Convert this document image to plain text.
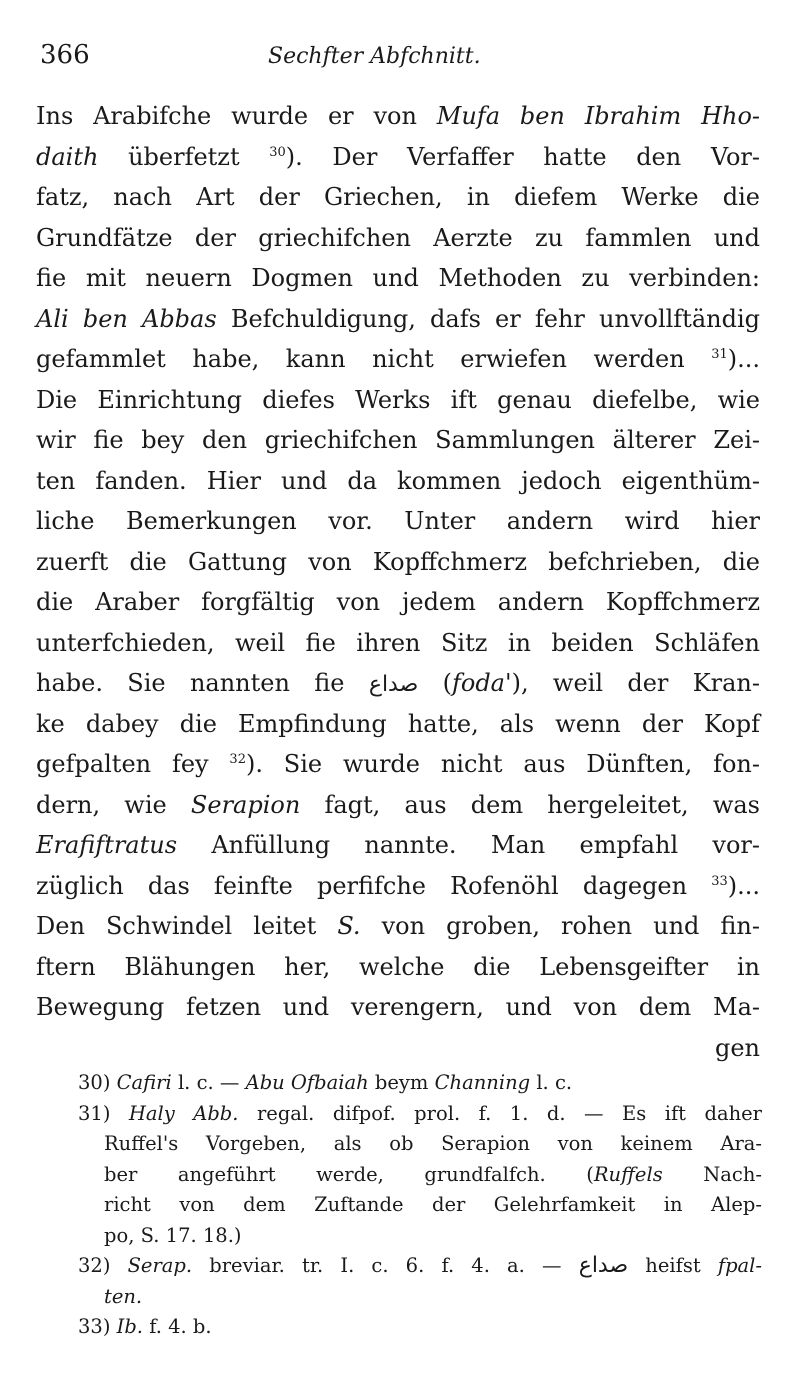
366	Sechfter Abfchnitt.
Ins Arabifche wurde er von Mufa ben Ibrahim Hho-
daith überfetzt $^{30}$). Der Verfaffer hatte den Vor-
fatz, nach Art der Griechen, in diefem Werke die
Grundfätze der griechifchen Aerzte zu fammlen und
fie mit neuern Dogmen und Methoden zu verbinden:
Ali ben Abbas Befchuldigung, dafs er fehr unvollftändig
gefammlet habe, kann nicht erwiefen werden $^{31}$)...
Die Einrichtung diefes Werks ift genau diefelbe, wie
wir fie bey den griechifchen Sammlungen älterer Zei-
ten fanden. Hier und da kommen jedoch eigenthüm-
liche Bemerkungen vor. Unter andern wird hier
zuerft die Gattung von Kopffchmerz befchrieben, die
die Araber forgfältig von jedem andern Kopffchmerz
unterfchieden, weil fie ihren Sitz in beiden Schläfen
habe. Sie nannten fie صداع (foda'), weil der Kran-
ke dabey die Empfindung hatte, als wenn der Kopf
gefpalten fey $^{32}$). Sie wurde nicht aus Dünften, fon-
dern, wie Serapion fagt, aus dem hergeleitet, was
Erafiftratus Anfüllung nannte. Man empfahl vor-
züglich das feinfte perfifche Rofenöhl dagegen $^{33}$)...
Den Schwindel leitet S. von groben, rohen und fin-
ftern Blähungen her, welche die Lebensgeifter in
Bewegung fetzen und verengern, und von dem Ma-
gen
30) Cafiri l. c. — Abu Ofbaiah beym Channing l. c.
31) Haly Abb. regal. difpof. prol. f. 1. d. — Es ift daher
Ruffel's Vorgeben, als ob Serapion von keinem Ara-
ber angeführt werde, grundfalfch. (Ruffels Nach-
richt von dem Zuftande der Gelehrfamkeit in Alep-
po, S. 17. 18.)
32) Serap. breviar. tr. I. c. 6. f. 4. a. — صداع heifst fpal-
ten.
33) Ib. f. 4. b.
